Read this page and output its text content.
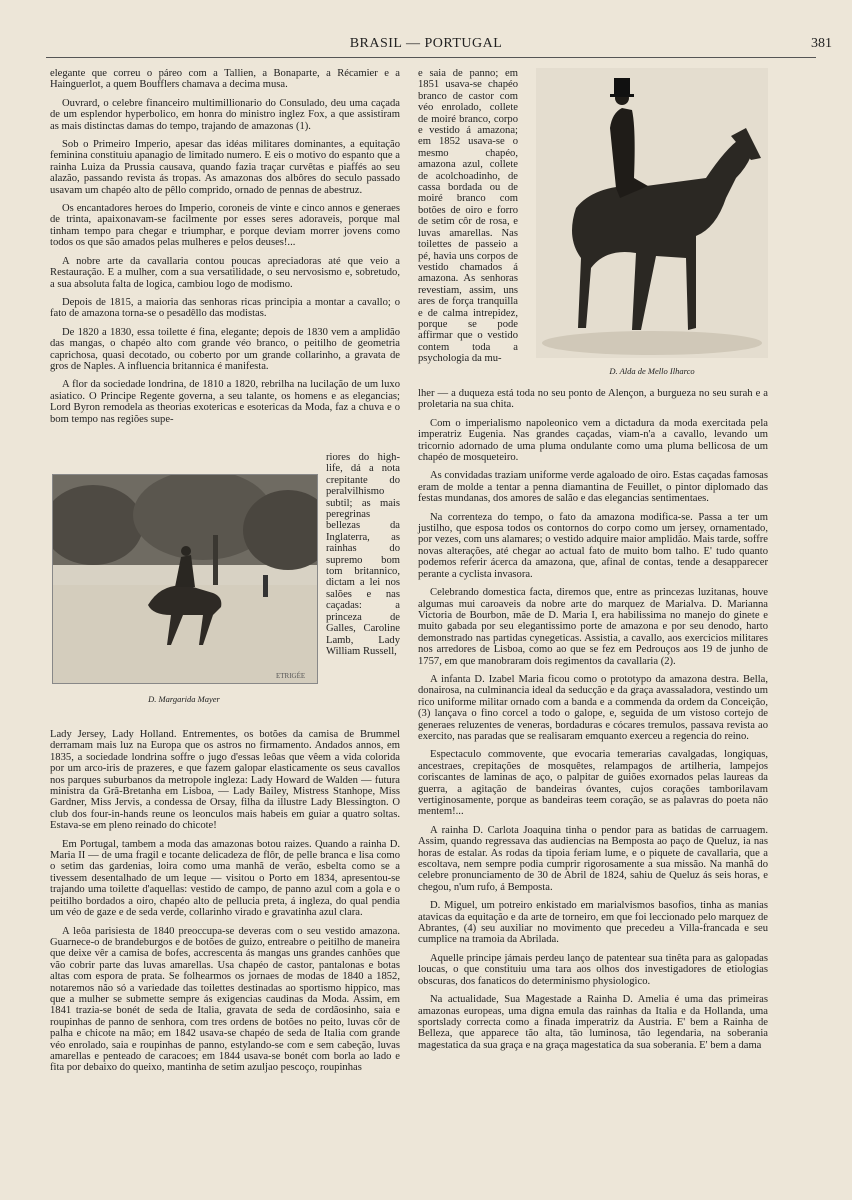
BRASIL — PORTUGAL	381

elegante que correu o páreo com a Tallien, a Bonaparte, a Récamier e a Hainguerlot, a quem Boufflers chamava a decima musa.

Ouvrard, o celebre financeiro multimillionario do Consulado, deu uma caçada de um esplendor hyperbolico, em honra do ministro inglez Fox, a que assistiram as mais distinctas damas do tempo, trajando de amazonas (1).

Sob o Primeiro Imperio, apesar das idéas militares dominantes, a equitação feminina constituiu apanagio de limitado numero. E eis o motivo do espanto que a rainha Luiza da Prussia causava, quando fazia traçar curvêtas e piaffés ao seu alazão, passando revista ás tropas. As amazonas dos albôres do seculo passado usavam um chapéo alto de pêllo comprido, ornado de pennas de abestruz.

Os encantadores heroes do Imperio, coroneis de vinte e cinco annos e generaes de trinta, apaixonavam-se facilmente por esses seres adoraveis, porque mal tinham tempo para chegar e triumphar, e porque deviam morrer jovens como todos os que são amados pelas mulheres e pelos deuses!...

A nobre arte da cavallaria contou poucas apreciadoras até que veio a Restauração. E a mulher, com a sua versatilidade, o seu nervosismo e, sobretudo, a sua absoluta falta de logica, cambiou logo de modismo.

Depois de 1815, a maioria das senhoras ricas principia a montar a cavallo; o fato de amazona torna-se o pesadêllo das modistas.

De 1820 a 1830, essa toilette é fina, elegante; depois de 1830 vem a amplidão das mangas, o chapéo alto com grande véo branco, o peitilho de geometria caprichosa, quasi decotado, ou coberto por um grande collarinho, a gravata de gros de Naples. A influencia britannica é manifesta.

A flor da sociedade londrina, de 1810 a 1820, rebrilha na lucilação de um luxo asiatico. O Principe Regente governa, a seu talante, os homens e as elegancias; Lord Byron remodela as theorias exotericas e esotericas da Moda, faz a chuva e o bom tempo nas regiões supe-

ETRIGÉE
D. Margarida Mayer
riores do high-life, dá a nota crepitante do peralvilhismo subtil; as mais peregrinas bellezas da Inglaterra, as rainhas do supremo bom tom britannico, dictam a lei nos salões e nas caçadas: a princeza de Galles, Caroline Lamb, Lady William Russell,

Lady Jersey, Lady Holland. Entrementes, os botões da camisa de Brummel derramam mais luz na Europa que os astros no firmamento. Andados annos, em 1835, a sociedade londrina soffre o jugo d'essas leôas que vêem a vida colorida por um arco-iris de prazeres, e que fazem galopar elasticamente os seus cavallos nos parques suburbanos da metropole ingleza: Lady Howard de Walden — futura ministra da Grã-Bretanha em Lisboa, — Lady Bailey, Mistress Stanhope, Miss Gardner, Miss Jervis, a condessa de Orsay, filha da illustre Lady Blessington. O club dos four-in-hands reune os leonculos mais habeis em guiar a quatro soltas. Estava-se em pleno reinado do chicote!

Em Portugal, tambem a moda das amazonas botou raizes. Quando a rainha D. Maria II — de uma fragil e tocante delicadeza de flôr, de pelle branca e lisa como o setim das gardenias, loira como uma manhã de verão, esbelta como se a tivessem desentalhado de um leque — visitou o Porto em 1834, apresentou-se trajando uma toilette d'aquellas: vestido de campo, de panno azul com a gola e o peitilho bordados a oiro, chapéo alto de pellucia preta, á ingleza, do qual pendia um véo de gaze e de seda verde, collarinho virado e gravatinha azul clara.

A leôa parisiesta de 1840 preoccupa-se deveras com o seu vestido amazona. Guarnece-o de brandeburgos e de botões de guizo, entreabre o peitilho de maneira que deixe vêr a camisa de bofes, accrescenta ás mangas uns grandes canhões que vão cobrir parte das luvas amarellas. Usa chapéo de castor, pantalonas e botas altas com espora de prata. Se folhearmos os jornaes de modas de 1840 a 1852, notaremos não só a variedade das toilettes destinadas ao sportismo hippico, mas que a mulher se submette sempre ás exigencias caudinas da Moda. Assim, em 1841 trazia-se bonét de seda de Italia, gravata de seda de cordãosinho, saia e roupinhas de panno de senhora, com tres ordens de botões no peito, luvas côr de palha e chicote na mão; em 1842 usava-se chapéo de seda de Italia com grande véo enrolado, saia e roupinhas de panno, estylando-se com e sem cabeção, luvas amarellas e penteado de caracoes; em 1844 usava-se bonét com borla ao lado e fita por debaixo do queixo, mantinha de setim azuljao pescoço, roupinhas

e saia de panno; em 1851 usava-se chapéo branco de castor com véo enrolado, collete de moiré branco, corpo e vestido á amazona; em 1852 usava-se o mesmo chapéo, amazona azul, collete de acolchoadinho, de cassa bordada ou de moiré branco com botões de oiro e forro de setim côr de rosa, e luvas amarellas. Nas toilettes de passeio a pé, havia uns corpos de vestido chamados á amazona. As senhoras revestiam, assim, uns ares de força tranquilla e de calma intrepidez, porque se pode affirmar que o vestido contem toda a psychologia da mu-
D. Alda de Mello Ilharco

lher — a duqueza está toda no seu ponto de Alençon, a burgueza no seu surah e a proletaria na sua chita.

Com o imperialismo napoleonico vem a dictadura da moda exercitada pela imperatriz Eugenia. Nas grandes caçadas, viam-n'a a cavallo, levando um tricornio adornado de uma pluma ondulante como uma pluma bellicosa de um chapéo de mosqueteiro.

As convidadas traziam uniforme verde agaloado de oiro. Estas caçadas famosas eram de molde a tentar a penna diamantina de Feuillet, o pintor diplomado das festas mundanas, dos amores de salão e das elegancias sentimentaes.

Na correnteza do tempo, o fato da amazona modifica-se. Passa a ter um justilho, que esposa todos os contornos do corpo como um jersey, ornamentado, por vezes, com uns alamares; o vestido adquire maior amplidão. Mais tarde, soffre novas alterações, até chegar ao actual fato de muito bom talho. E' tudo quanto podemos referir ácerca da amazona, que, afinal de contas, tende a desapparecer perante a cyclista invasora.

Celebrando domestica facta, diremos que, entre as princezas luzitanas, houve algumas mui caroaveis da nobre arte do marquez de Marialva. D. Marianna Victoria de Bourbon, mãe de D. Maria I, era habilissima no manejo do ginete e muito gabada por seu elegantissimo porte de amazona e por seu denodo, harto demonstrado nas partidas cynegeticas. Assistia, a cavallo, aos exercicios militares nos arredores de Lisboa, como ao que se fez em Pedrouços aos 19 de junho de 1757, em que manobraram dois regimentos da cavallaria (2).

A infanta D. Izabel Maria ficou como o prototypo da amazona destra. Bella, donairosa, na culminancia ideal da seducção e da graça avassaladora, vestindo um rico uniforme militar ornado com a banda e a commenda da ordem da Conceição, (3) lançava o fino corcel a todo o galope, e, seguida de um vistoso cortejo de generaes reluzentes de veneras, bordaduras e cócares tremulos, passava revista ao exercito, nas paradas que se realisaram emquanto exerceu a regencia do reino.

Espectaculo commovente, que evocaria temerarias cavalgadas, longiquas, ancestraes, crepitações de mosquêtes, relampagos de artilheria, lampejos coriscantes de laminas de aço, o palpitar de guiões exornados pelas laureas da guerra, a agitação de bandeiras óvantes, cujos corações tamborilavam vertiginosamente, porque as bandeiras teem coração, se as palavras do poeta não mentem!...

A rainha D. Carlota Joaquina tinha o pendor para as batidas de carruagem. Assim, quando regressava das audiencias na Bemposta ao paço de Queluz, ia nas horas de estalar. As rodas da tipoia feriam lume, e o piquete de cavallaria, que a escoltava, nem sempre podia cumprir rigorosamente a sua missão. Na manhã do celebre pronunciamento de 30 de Abril de 1824, sahiu de Queluz ás seis horas, e chegou, n'um rufo, á Bemposta.

D. Miguel, um potreiro enkistado em marialvismos basofios, tinha as manias atavicas da equitação e da arte de torneiro, em que foi leccionado pelo marquez de Abrantes, (4) seu auxiliar no movimento que precedeu a Villa-francada e seu cumplice na tramoia da Abrilada.

Aquelle principe jámais perdeu lanço de patentear sua tinêta para as galopadas loucas, o que constituiu uma tara aos olhos dos investigadores de etiologias obscuras, dos fanaticos do determinismo physiologico.

Na actualidade, Sua Magestade a Rainha D. Amelia é uma das primeiras amazonas europeas, uma digna emula das rainhas da Italia e da Hollanda, uma sportslady correcta como a finada imperatriz da Austria. E' bem a Rainha de Belleza, que apparece tão alta, tão luminosa, tão legendaria, na soberania magestatica da sua graça e na graça magestatica da sua soberania. E' bem a dama
